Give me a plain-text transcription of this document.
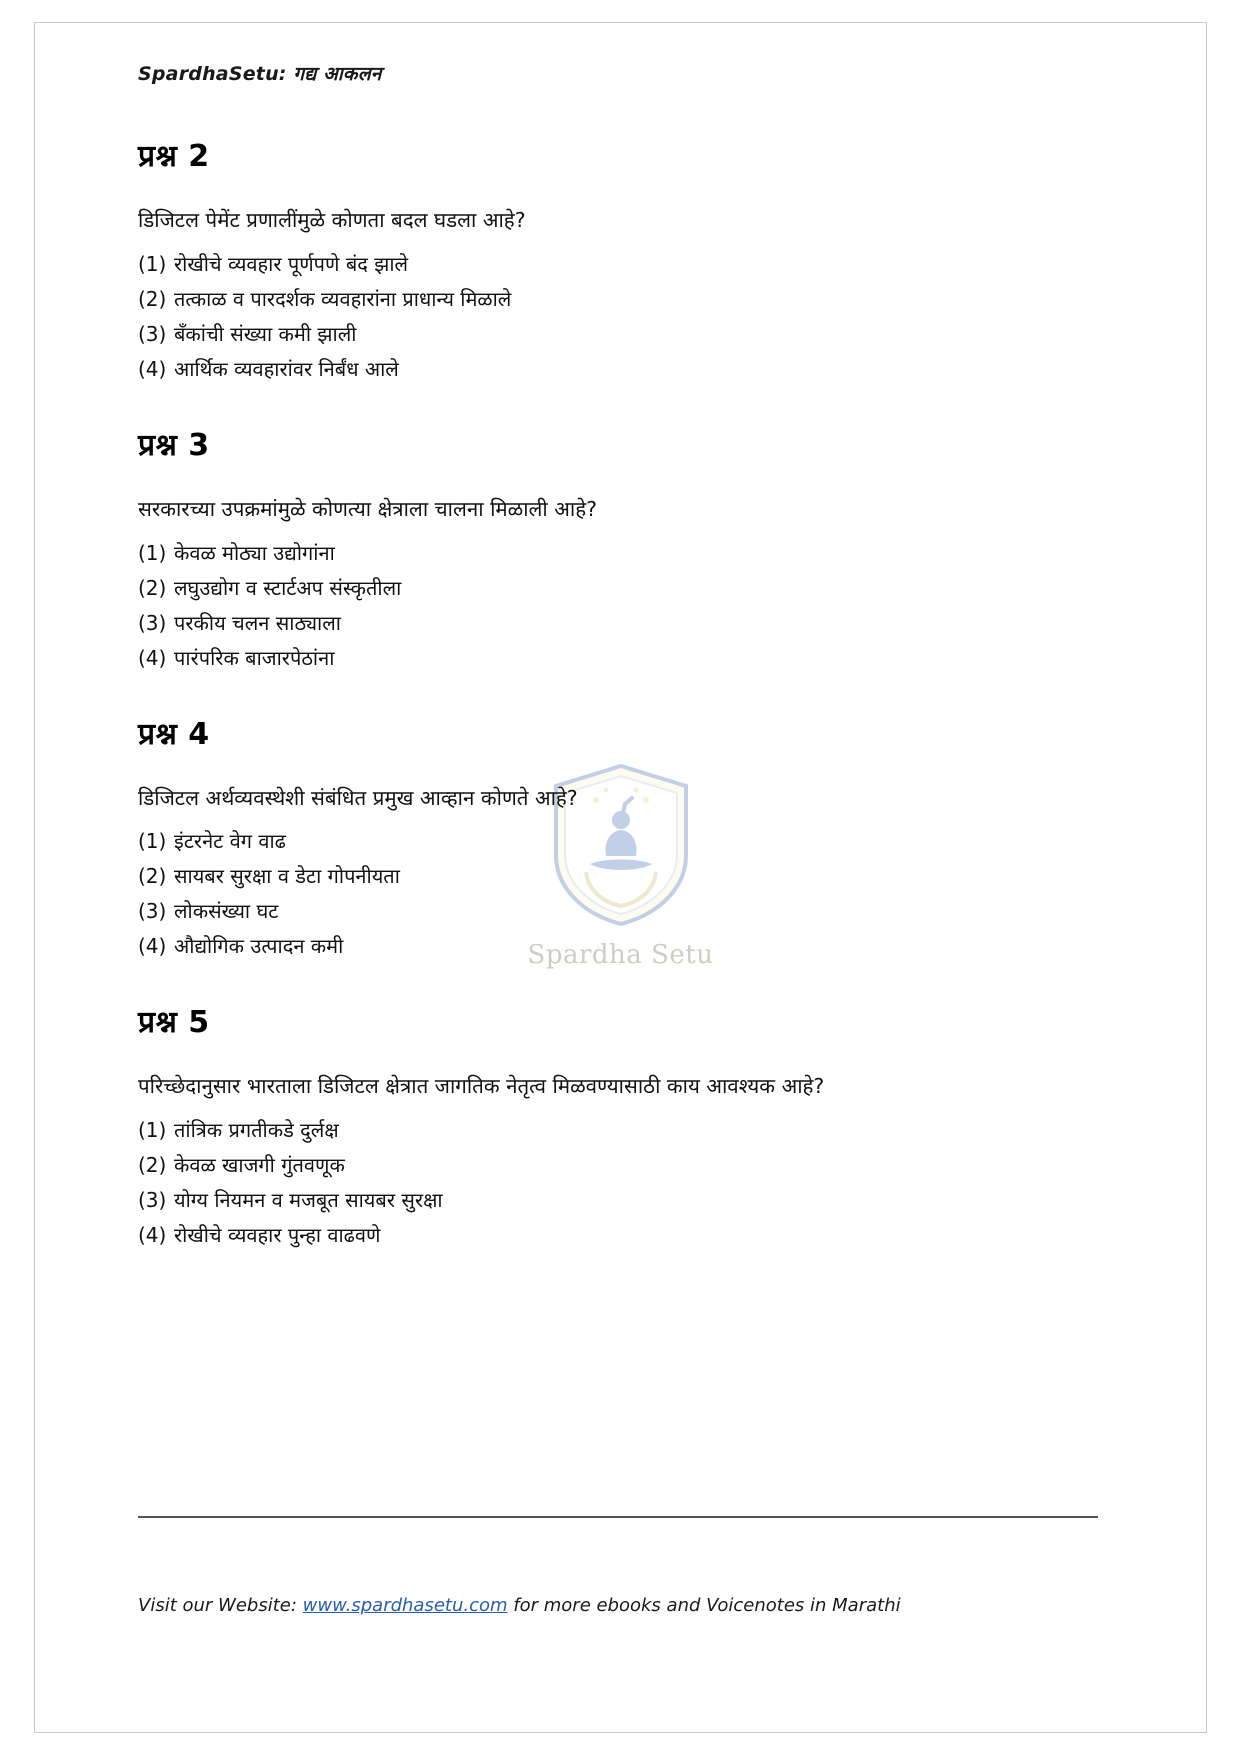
Spardha Setu
SpardhaSetu: गद्य आकलन
प्रश्न 2
डिजिटल पेमेंट प्रणालींमुळे कोणता बदल घडला आहे?
(1) रोखीचे व्यवहार पूर्णपणे बंद झाले
(2) तत्काळ व पारदर्शक व्यवहारांना प्राधान्य मिळाले
(3) बँकांची संख्या कमी झाली
(4) आर्थिक व्यवहारांवर निर्बंध आले
प्रश्न 3
सरकारच्या उपक्रमांमुळे कोणत्या क्षेत्राला चालना मिळाली आहे?
(1) केवळ मोठ्या उद्योगांना
(2) लघुउद्योग व स्टार्टअप संस्कृतीला
(3) परकीय चलन साठ्याला
(4) पारंपरिक बाजारपेठांना
प्रश्न 4
डिजिटल अर्थव्यवस्थेशी संबंधित प्रमुख आव्हान कोणते आहे?
(1) इंटरनेट वेग वाढ
(2) सायबर सुरक्षा व डेटा गोपनीयता
(3) लोकसंख्या घट
(4) औद्योगिक उत्पादन कमी
प्रश्न 5
परिच्छेदानुसार भारताला डिजिटल क्षेत्रात जागतिक नेतृत्व मिळवण्यासाठी काय आवश्यक आहे?
(1) तांत्रिक प्रगतीकडे दुर्लक्ष
(2) केवळ खाजगी गुंतवणूक
(3) योग्य नियमन व मजबूत सायबर सुरक्षा
(4) रोखीचे व्यवहार पुन्हा वाढवणे
Visit our Website: www.spardhasetu.com for more ebooks and Voicenotes in Marathi
